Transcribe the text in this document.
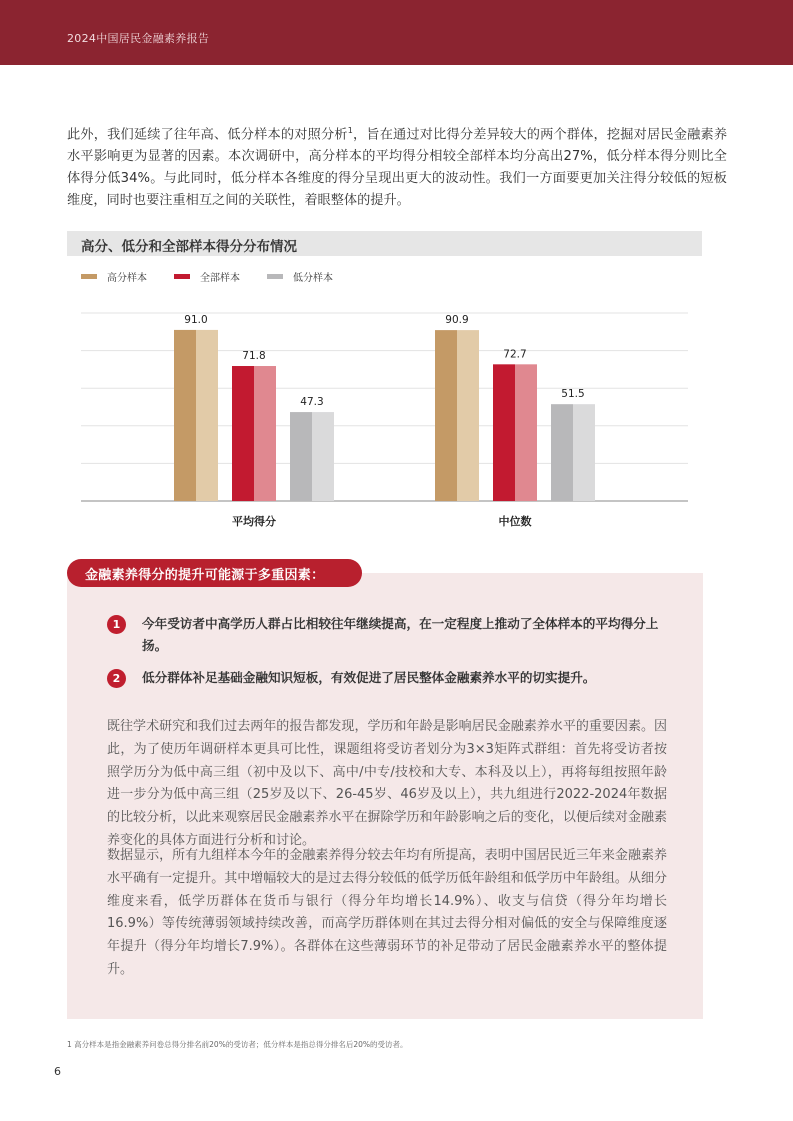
2024中国居民金融素养报告

此外，我们延续了往年高、低分样本的对照分析$^1$，旨在通过对比得分差异较大的两个群体，挖掘对居民金融素养水平影响更为显著的因素。本次调研中，高分样本的平均得分相较全部样本均分高出27%，低分样本得分则比全体得分低34%。与此同时，低分样本各维度的得分呈现出更大的波动性。我们一方面要更加关注得分较低的短板维度，同时也要注重相互之间的关联性，着眼整体的提升。

高分、低分和全部样本得分分布情况
高分样本	全部样本	低分样本
91.0
71.8
47.3
平均得分
90.9
72.7
51.5
中位数
1	今年受访者中高学历人群占比相较往年继续提高，在一定程度上推动了全体样本的平均得分上扬。
2	低分群体补足基础金融知识短板，有效促进了居民整体金融素养水平的切实提升。

既往学术研究和我们过去两年的报告都发现，学历和年龄是影响居民金融素养水平的重要因素。因此，为了使历年调研样本更具可比性，课题组将受访者划分为3×3矩阵式群组：首先将受访者按照学历分为低中高三组（初中及以下、高中/中专/技校和大专、本科及以上），再将每组按照年龄进一步分为低中高三组（25岁及以下、26-45岁、46岁及以上），共九组进行2022-2024年数据的比较分析，以此来观察居民金融素养水平在摒除学历和年龄影响之后的变化，以便后续对金融素养变化的具体方面进行分析和讨论。

数据显示，所有九组样本今年的金融素养得分较去年均有所提高，表明中国居民近三年来金融素养水平确有一定提升。其中增幅较大的是过去得分较低的低学历低年龄组和低学历中年龄组。从细分维度来看，低学历群体在货币与银行（得分年均增长14.9%）、收支与信贷（得分年均增长16.9%）等传统薄弱领域持续改善，而高学历群体则在其过去得分相对偏低的安全与保障维度逐年提升（得分年均增长7.9%）。各群体在这些薄弱环节的补足带动了居民金融素养水平的整体提升。

金融素养得分的提升可能源于多重因素：
1 高分样本是指金融素养问卷总得分排名前20%的受访者；低分样本是指总得分排名后20%的受访者。
6
